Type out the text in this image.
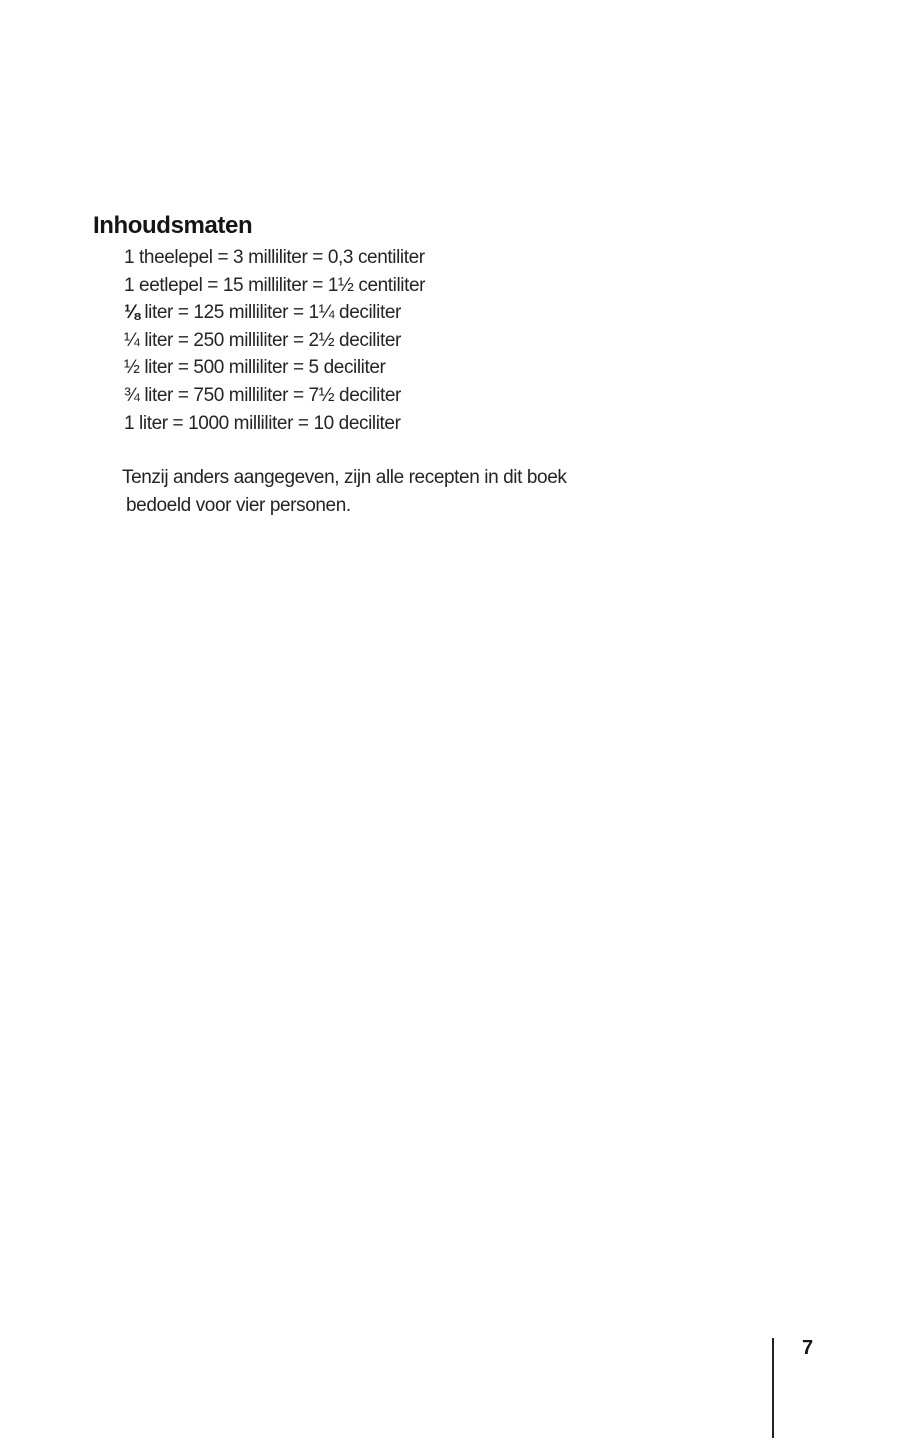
Inhoudsmaten
1 theelepel = 3 milliliter = 0,3 centiliter
1 eetlepel = 15 milliliter = 1½ centiliter
⅛ liter = 125 milliliter = 1¼ deciliter
¼ liter = 250 milliliter = 2½ deciliter
½ liter = 500 milliliter = 5 deciliter
¾ liter = 750 milliliter = 7½ deciliter
1 liter = 1000 milliliter = 10 deciliter
Tenzij anders aangegeven, zijn alle recepten in dit boek
bedoeld voor vier personen.
7
